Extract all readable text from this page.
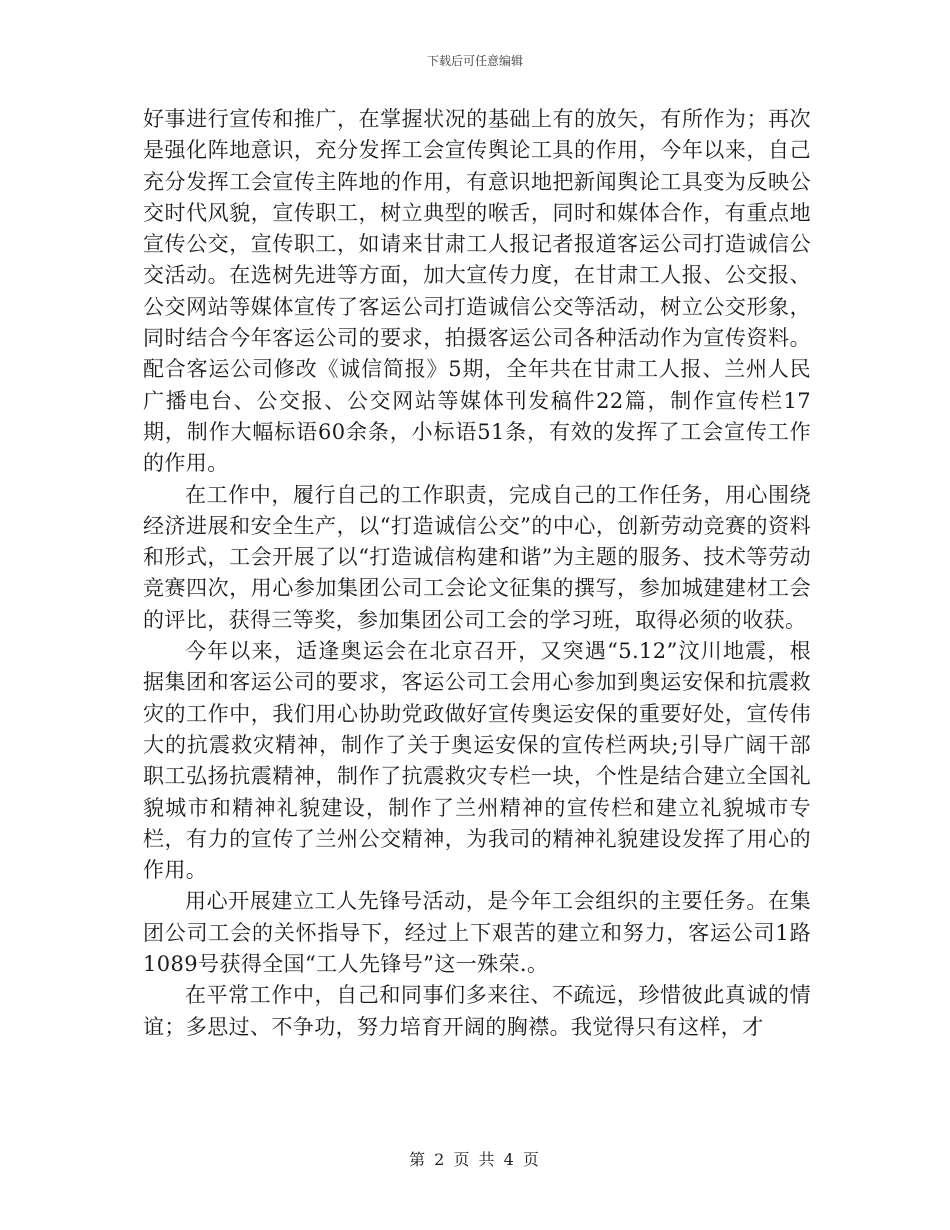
下载后可任意编辑

好事进行宣传和推广，在掌握状况的基础上有的放矢，有所作为；再次是强化阵地意识，充分发挥工会宣传舆论工具的作用，今年以来，自己充分发挥工会宣传主阵地的作用，有意识地把新闻舆论工具变为反映公交时代风貌，宣传职工，树立典型的喉舌，同时和媒体合作，有重点地宣传公交，宣传职工，如请来甘肃工人报记者报道客运公司打造诚信公交活动。在选树先进等方面，加大宣传力度，在甘肃工人报、公交报、公交网站等媒体宣传了客运公司打造诚信公交等活动，树立公交形象，同时结合今年客运公司的要求，拍摄客运公司各种活动作为宣传资料。配合客运公司修改《诚信简报》5期，全年共在甘肃工人报、兰州人民广播电台、公交报、公交网站等媒体刊发稿件22篇，制作宣传栏17期，制作大幅标语60余条，小标语51条，有效的发挥了工会宣传工作的作用。

在工作中，履行自己的工作职责，完成自己的工作任务，用心围绕经济进展和安全生产，以“打造诚信公交”的中心，创新劳动竞赛的资料和形式，工会开展了以“打造诚信构建和谐”为主题的服务、技术等劳动竞赛四次，用心参加集团公司工会论文征集的撰写，参加城建建材工会的评比，获得三等奖，参加集团公司工会的学习班，取得必须的收获。

今年以来，适逢奥运会在北京召开，又突遇“5.12”汶川地震，根据集团和客运公司的要求，客运公司工会用心参加到奥运安保和抗震救灾的工作中，我们用心协助党政做好宣传奥运安保的重要好处，宣传伟大的抗震救灾精神，制作了关于奥运安保的宣传栏两块;引导广阔干部职工弘扬抗震精神，制作了抗震救灾专栏一块，个性是结合建立全国礼貌城市和精神礼貌建设，制作了兰州精神的宣传栏和建立礼貌城市专栏，有力的宣传了兰州公交精神，为我司的精神礼貌建设发挥了用心的作用。

用心开展建立工人先锋号活动，是今年工会组织的主要任务。在集团公司工会的关怀指导下，经过上下艰苦的建立和努力，客运公司1路1089号获得全国“工人先锋号”这一殊荣.。

在平常工作中，自己和同事们多来往、不疏远，珍惜彼此真诚的情谊；多思过、不争功，努力培育开阔的胸襟。我觉得只有这样，才

第 2 页 共 4 页
